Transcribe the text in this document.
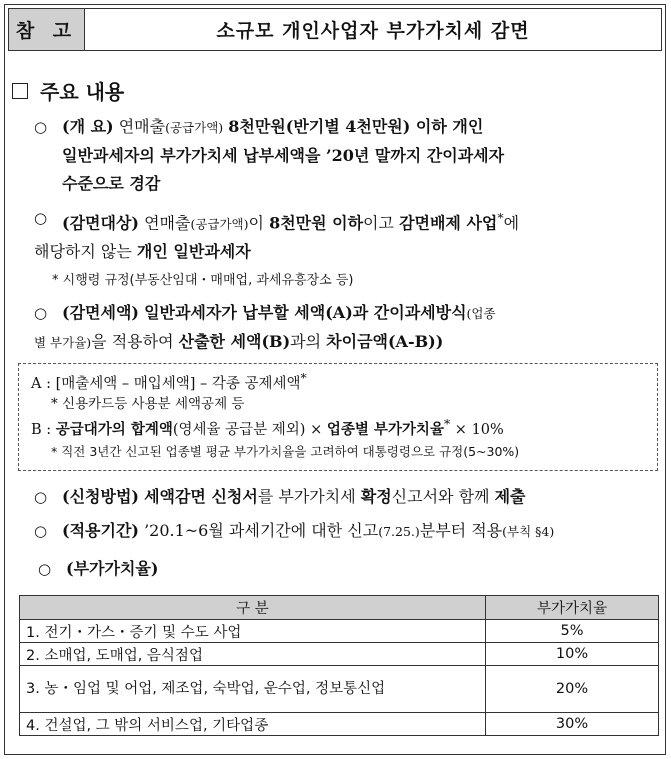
참 고	소규모 개인사업자 부가가치세 감면
주요 내용
○ (개 요) 연매출(공급가액) 8천만원(반기별 4천만원) 이하 개인
일반과세자의 부가가치세 납부세액을 ’20년 말까지 간이과세자
수준으로 경감
○ (감면대상) 연매출(공급가액)이 8천만원 이하이고 감면배제 사업*에
해당하지 않는 개인 일반과세자
* 시행령 규정(부동산임대・매매업, 과세유흥장소 등)
○ (감면세액) 일반과세자가 납부할 세액(A)과 간이과세방식(업종
별 부가율)을 적용하여 산출한 세액(B)과의 차이금액(A-B))
A : [매출세액 – 매입세액] – 각종 공제세액*
* 신용카드등 사용분 세액공제 등
B : 공급대가의 합계액(영세율 공급분 제외) × 업종별 부가가치율* × 10%
* 직전 3년간 신고된 업종별 평균 부가가치율을 고려하여 대통령령으로 규정(5~30%)
○ (신청방법) 세액감면 신청서를 부가가치세 확정신고서와 함께 제출
○ (적용기간) ’20.1~6월 과세기간에 대한 신고(7.25.)분부터 적용(부칙 §4)
○ (부가가치율)
구 분	부가가치율
1. 전기・가스・증기 및 수도 사업	5%
2. 소매업, 도매업, 음식점업	10%
3. 농・임업 및 어업, 제조업, 숙박업, 운수업, 정보통신업	20%
4. 건설업, 그 밖의 서비스업, 기타업종	30%
